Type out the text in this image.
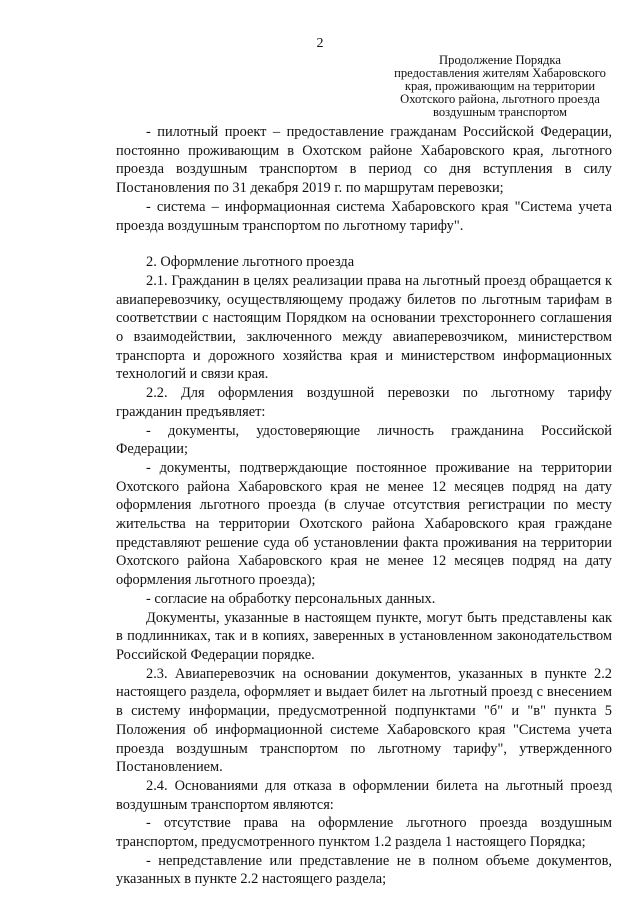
2
Продолжение Порядка
предоставления жителям Хабаровского
края, проживающим на территории
Охотского района, льготного проезда
воздушным транспортом

- пилотный проект – предоставление гражданам Российской Федерации, постоянно проживающим в Охотском районе Хабаровского края, льготного проезда воздушным транспортом в период со дня вступления в силу Постановления по 31 декабря 2019 г. по маршрутам перевозки;

- система – информационная система Хабаровского края "Система учета проезда воздушным транспортом по льготному тарифу".

2. Оформление льготного проезда

2.1. Гражданин в целях реализации права на льготный проезд обращается к авиаперевозчику, осуществляющему продажу билетов по льготным тарифам в соответствии с настоящим Порядком на основании трехстороннего соглашения о взаимодействии, заключенного между авиаперевозчиком, министерством транспорта и дорожного хозяйства края и министерством информационных технологий и связи края.

2.2. Для оформления воздушной перевозки по льготному тарифу гражданин предъявляет:

- документы, удостоверяющие личность гражданина Российской Федерации;

- документы, подтверждающие постоянное проживание на территории Охотского района Хабаровского края не менее 12 месяцев подряд на дату оформления льготного проезда (в случае отсутствия регистрации по месту жительства на территории Охотского района Хабаровского края граждане представляют решение суда об установлении факта проживания на территории Охотского района Хабаровского края не менее 12 месяцев подряд на дату оформления льготного проезда);

- согласие на обработку персональных данных.

Документы, указанные в настоящем пункте, могут быть представлены как в подлинниках, так и в копиях, заверенных в установленном законодательством Российской Федерации порядке.

2.3. Авиаперевозчик на основании документов, указанных в пункте 2.2 настоящего раздела, оформляет и выдает билет на льготный проезд с внесением в систему информации, предусмотренной подпунктами "б" и "в" пункта 5 Положения об информационной системе Хабаровского края "Система учета проезда воздушным транспортом по льготному тарифу", утвержденного Постановлением.

2.4. Основаниями для отказа в оформлении билета на льготный проезд воздушным транспортом являются:

- отсутствие права на оформление льготного проезда воздушным транспортом, предусмотренного пунктом 1.2 раздела 1 настоящего Порядка;

- непредставление или представление не в полном объеме документов, указанных в пункте 2.2 настоящего раздела;
